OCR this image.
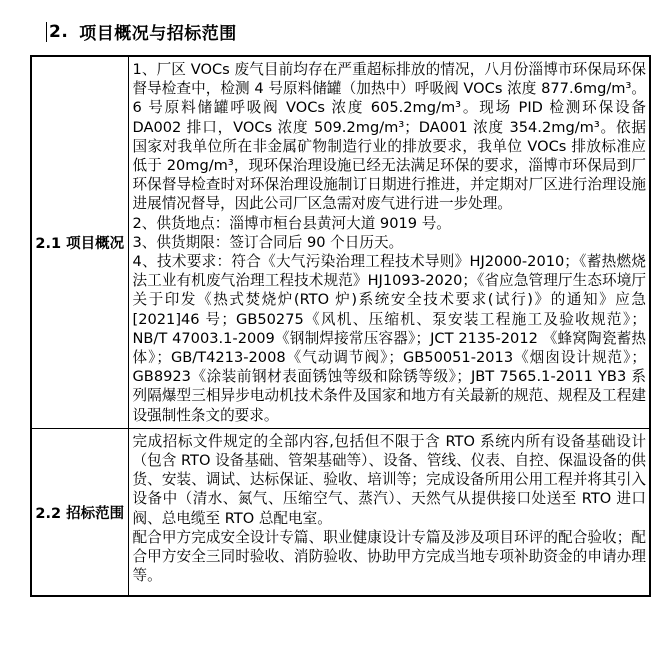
2. 项目概况与招标范围
2.1 项目概况	1、厂区 VOCs 废气目前均存在严重超标排放的情况，八月份淄博市环保局环保督导检查中，检测 4 号原料储罐（加热中）呼吸阀 VOCs 浓度 877.6mg/m³。6 号原料储罐呼吸阀 VOCs 浓度 605.2mg/m³。现场 PID 检测环保设备 DA002 排口，VOCs 浓度 509.2mg/m³；DA001 浓度 354.2mg/m³。依据国家对我单位所在非金属矿物制造行业的排放要求，我单位 VOCs 排放标准应低于 20mg/m³，现环保治理设施已经无法满足环保的要求，淄博市环保局到厂环保督导检查时对环保治理设施制订日期进行推进，并定期对厂区进行治理设施进展情况督导，因此公司厂区急需对废气进行进一步处理。

2、供货地点：淄博市桓台县黄河大道 9019 号。

3、供货期限：签订合同后 90 个日历天。

4、技术要求：符合《大气污染治理工程技术导则》HJ2000-2010；《蓄热燃烧法工业有机废气治理工程技术规范》HJ1093-2020；《省应急管理厅生态环境厅关于印发《热式焚烧炉(RTO 炉)系统安全技术要求(试行)》的通知》应急[2021]46 号；GB50275《风机、压缩机、泵安装工程施工及验收规范》；NB/T 47003.1-2009《钢制焊接常压容器》；JCT 2135-2012 《蜂窝陶瓷蓄热体》；GB/T4213-2008《气动调节阀》；GB50051-2013《烟囱设计规范》；GB8923《涂装前钢材表面锈蚀等级和除锈等级》；JBT 7565.1-2011 YB3 系列隔爆型三相异步电动机技术条件及国家和地方有关最新的规范、规程及工程建设强制性条文的要求。

2.2 招标范围	完成招标文件规定的全部内容,包括但不限于含 RTO 系统内所有设备基础设计（包含 RTO 设备基础、管架基础等）、设备、管线、仪表、自控、保温设备的供货、安装、调试、达标保证、验收、培训等；完成设备所用公用工程并将其引入设备中（清水、氮气、压缩空气、蒸汽）、天然气从提供接口处送至 RTO 进口阀、总电缆至 RTO 总配电室。

配合甲方完成安全设计专篇、职业健康设计专篇及涉及项目环评的配合验收；配合甲方安全三同时验收、消防验收、协助甲方完成当地专项补助资金的申请办理等。
